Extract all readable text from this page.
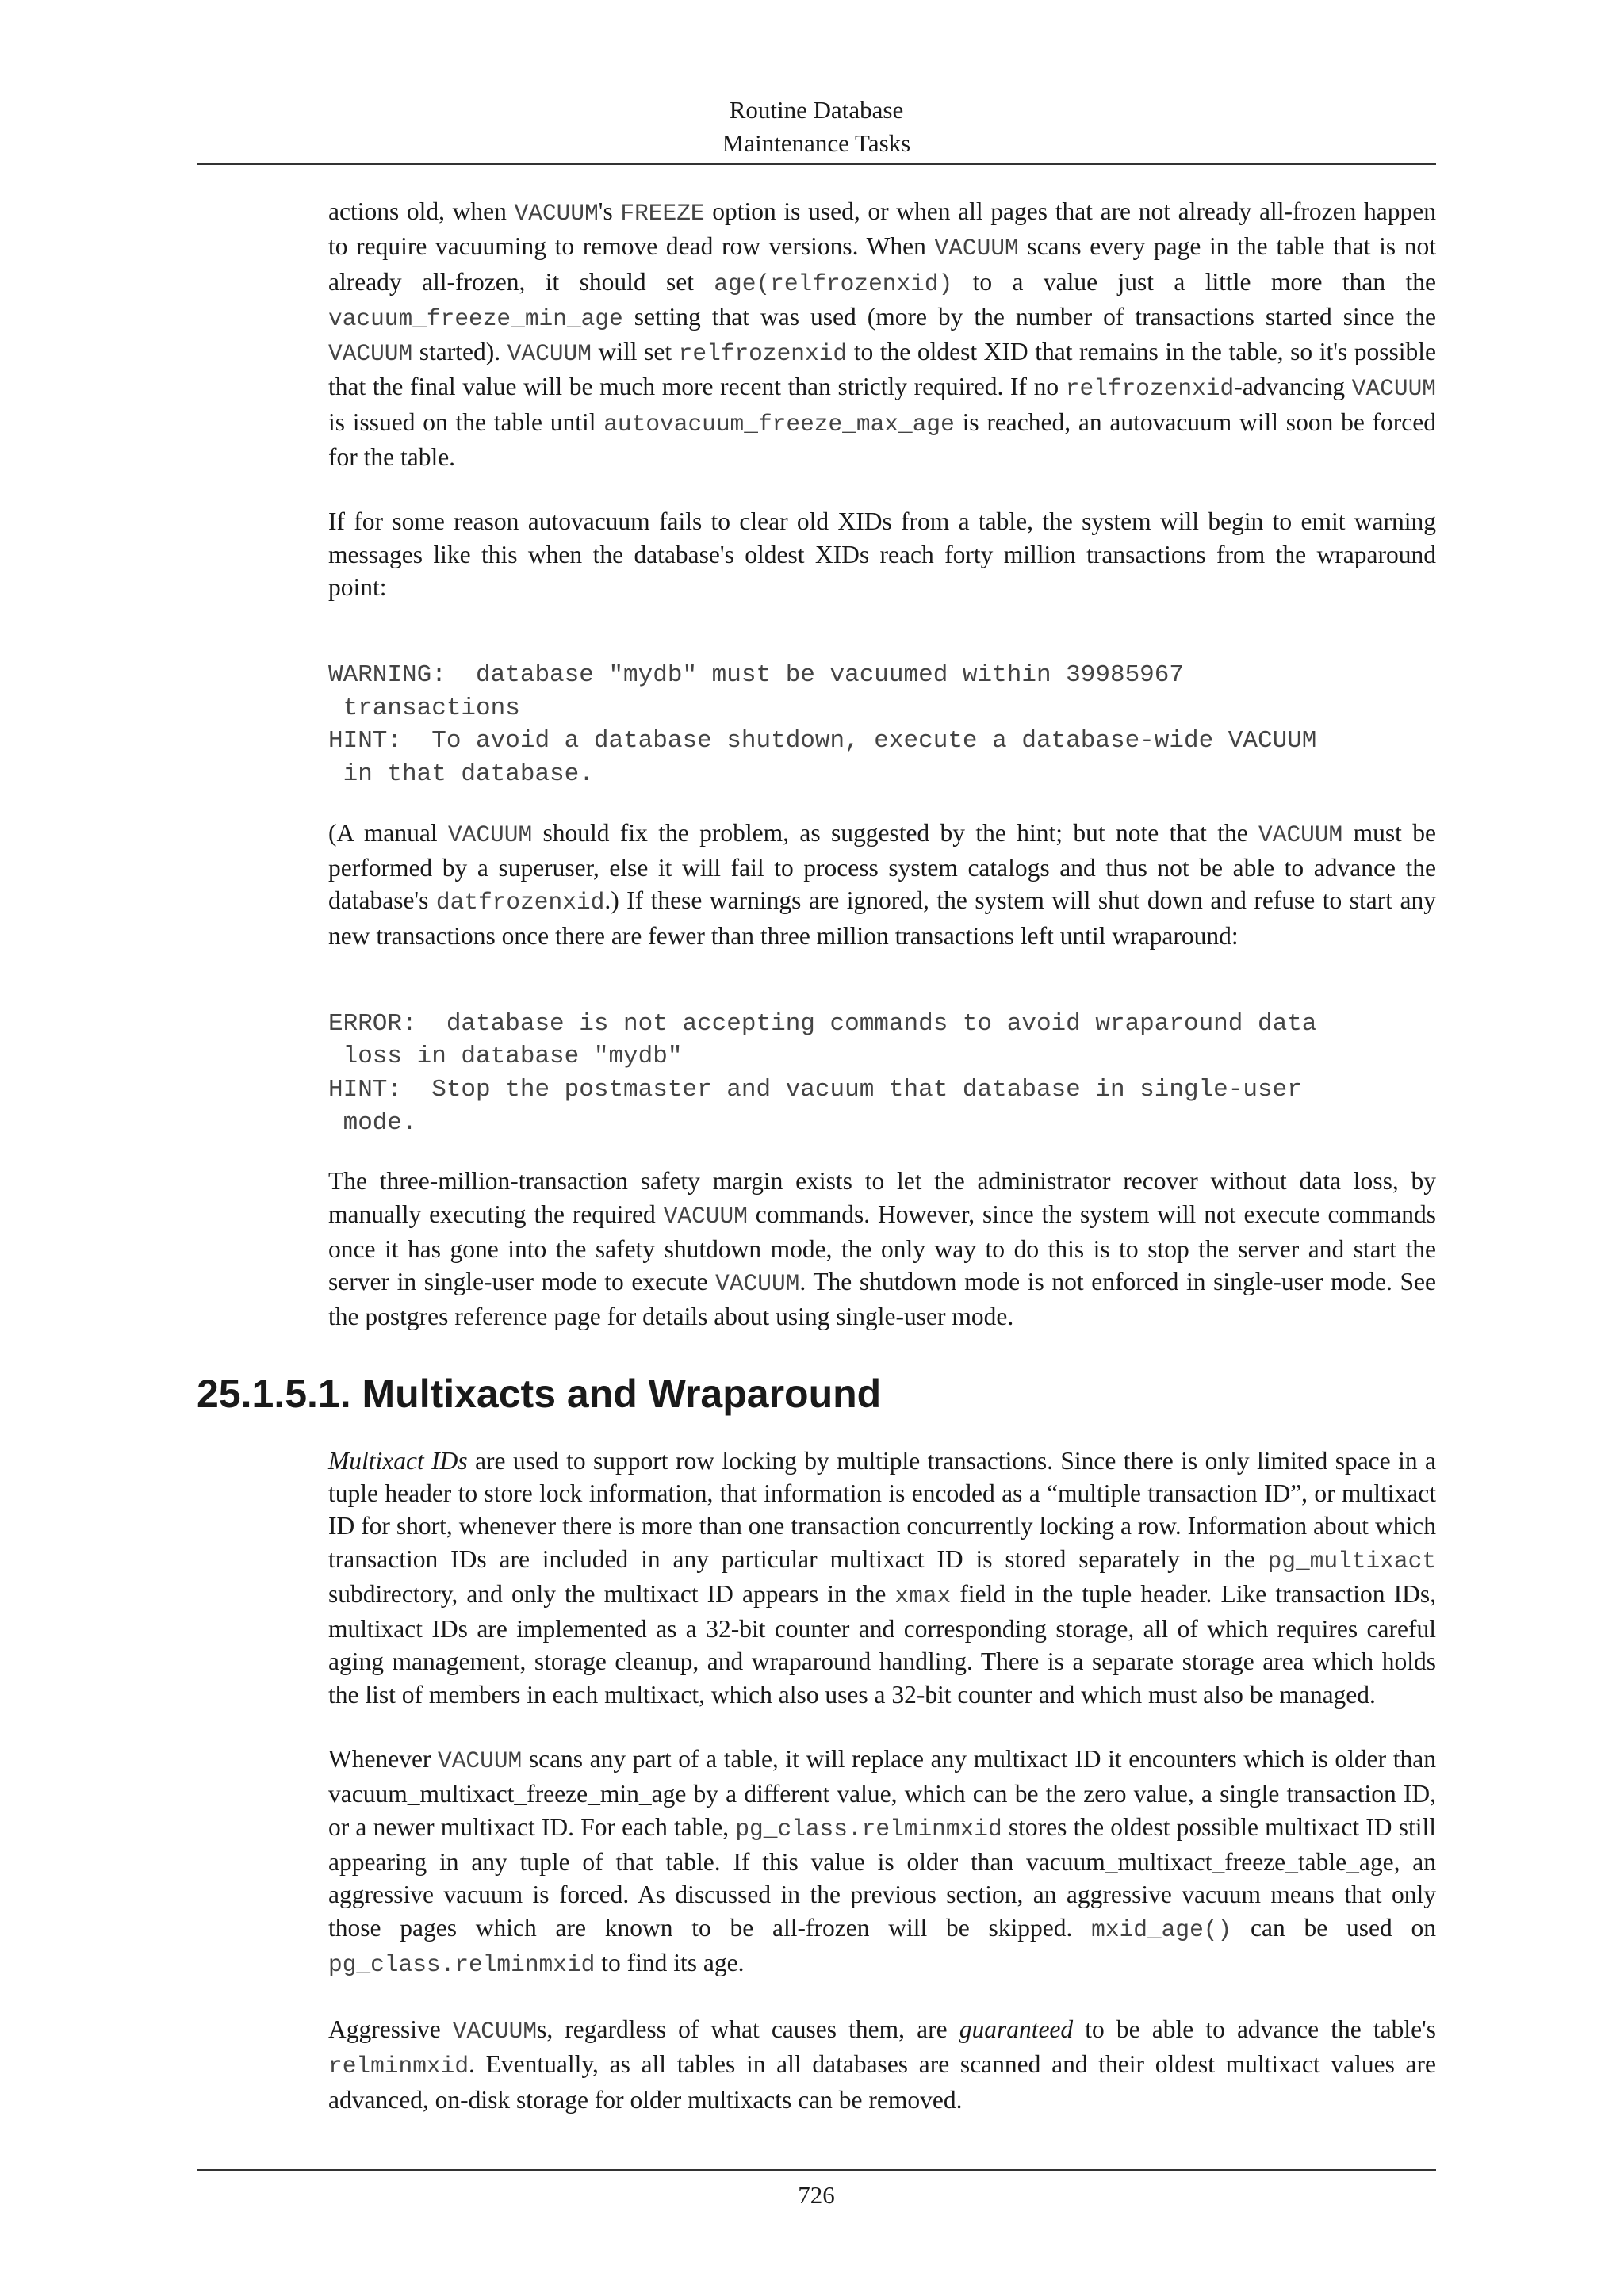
Routine Database
Maintenance Tasks

actions old, when VACUUM's FREEZE option is used, or when all pages that are not already all-frozen happen to require vacuuming to remove dead row versions. When VACUUM scans every page in the table that is not already all-frozen, it should set age(relfrozenxid) to a value just a little more than the vacuum_freeze_min_age setting that was used (more by the number of transactions started since the VACUUM started). VACUUM will set relfrozenxid to the oldest XID that remains in the table, so it's possible that the final value will be much more recent than strictly required. If no relfrozenxid-advancing VACUUM is issued on the table until autovacuum_freeze_max_age is reached, an autovacuum will soon be forced for the table.

If for some reason autovacuum fails to clear old XIDs from a table, the system will begin to emit warning messages like this when the database's oldest XIDs reach forty million transactions from the wraparound point:

WARNING:  database "mydb" must be vacuumed within 39985967
transactions
HINT:  To avoid a database shutdown, execute a database-wide VACUUM
in that database.

(A manual VACUUM should fix the problem, as suggested by the hint; but note that the VACUUM must be performed by a superuser, else it will fail to process system catalogs and thus not be able to advance the database's datfrozenxid.) If these warnings are ignored, the system will shut down and refuse to start any new transactions once there are fewer than three million transactions left until wraparound:

ERROR:  database is not accepting commands to avoid wraparound data
loss in database "mydb"
HINT:  Stop the postmaster and vacuum that database in single-user
mode.

The three-million-transaction safety margin exists to let the administrator recover without data loss, by manually executing the required VACUUM commands. However, since the system will not execute commands once it has gone into the safety shutdown mode, the only way to do this is to stop the server and start the server in single-user mode to execute VACUUM. The shutdown mode is not enforced in single-user mode. See the postgres reference page for details about using single-user mode.

25.1.5.1. Multixacts and Wraparound

Multixact IDs are used to support row locking by multiple transactions. Since there is only limited space in a tuple header to store lock information, that information is encoded as a “multiple transaction ID”, or multixact ID for short, whenever there is more than one transaction concurrently locking a row. Information about which transaction IDs are included in any particular multixact ID is stored separately in the pg_multixact subdirectory, and only the multixact ID appears in the xmax field in the tuple header. Like transaction IDs, multixact IDs are implemented as a 32-bit counter and corresponding storage, all of which requires careful aging management, storage cleanup, and wraparound handling. There is a separate storage area which holds the list of members in each multixact, which also uses a 32-bit counter and which must also be managed.

Whenever VACUUM scans any part of a table, it will replace any multixact ID it encounters which is older than vacuum_multixact_freeze_min_age by a different value, which can be the zero value, a single transaction ID, or a newer multixact ID. For each table, pg_class.relminmxid stores the oldest possible multixact ID still appearing in any tuple of that table. If this value is older than vacuum_multixact_freeze_table_age, an aggressive vacuum is forced. As discussed in the previous section, an aggressive vacuum means that only those pages which are known to be all-frozen will be skipped. mxid_age() can be used on pg_class.relminmxid to find its age.

Aggressive VACUUMs, regardless of what causes them, are guaranteed to be able to advance the table's relminmxid. Eventually, as all tables in all databases are scanned and their oldest multixact values are advanced, on-disk storage for older multixacts can be removed.

726
